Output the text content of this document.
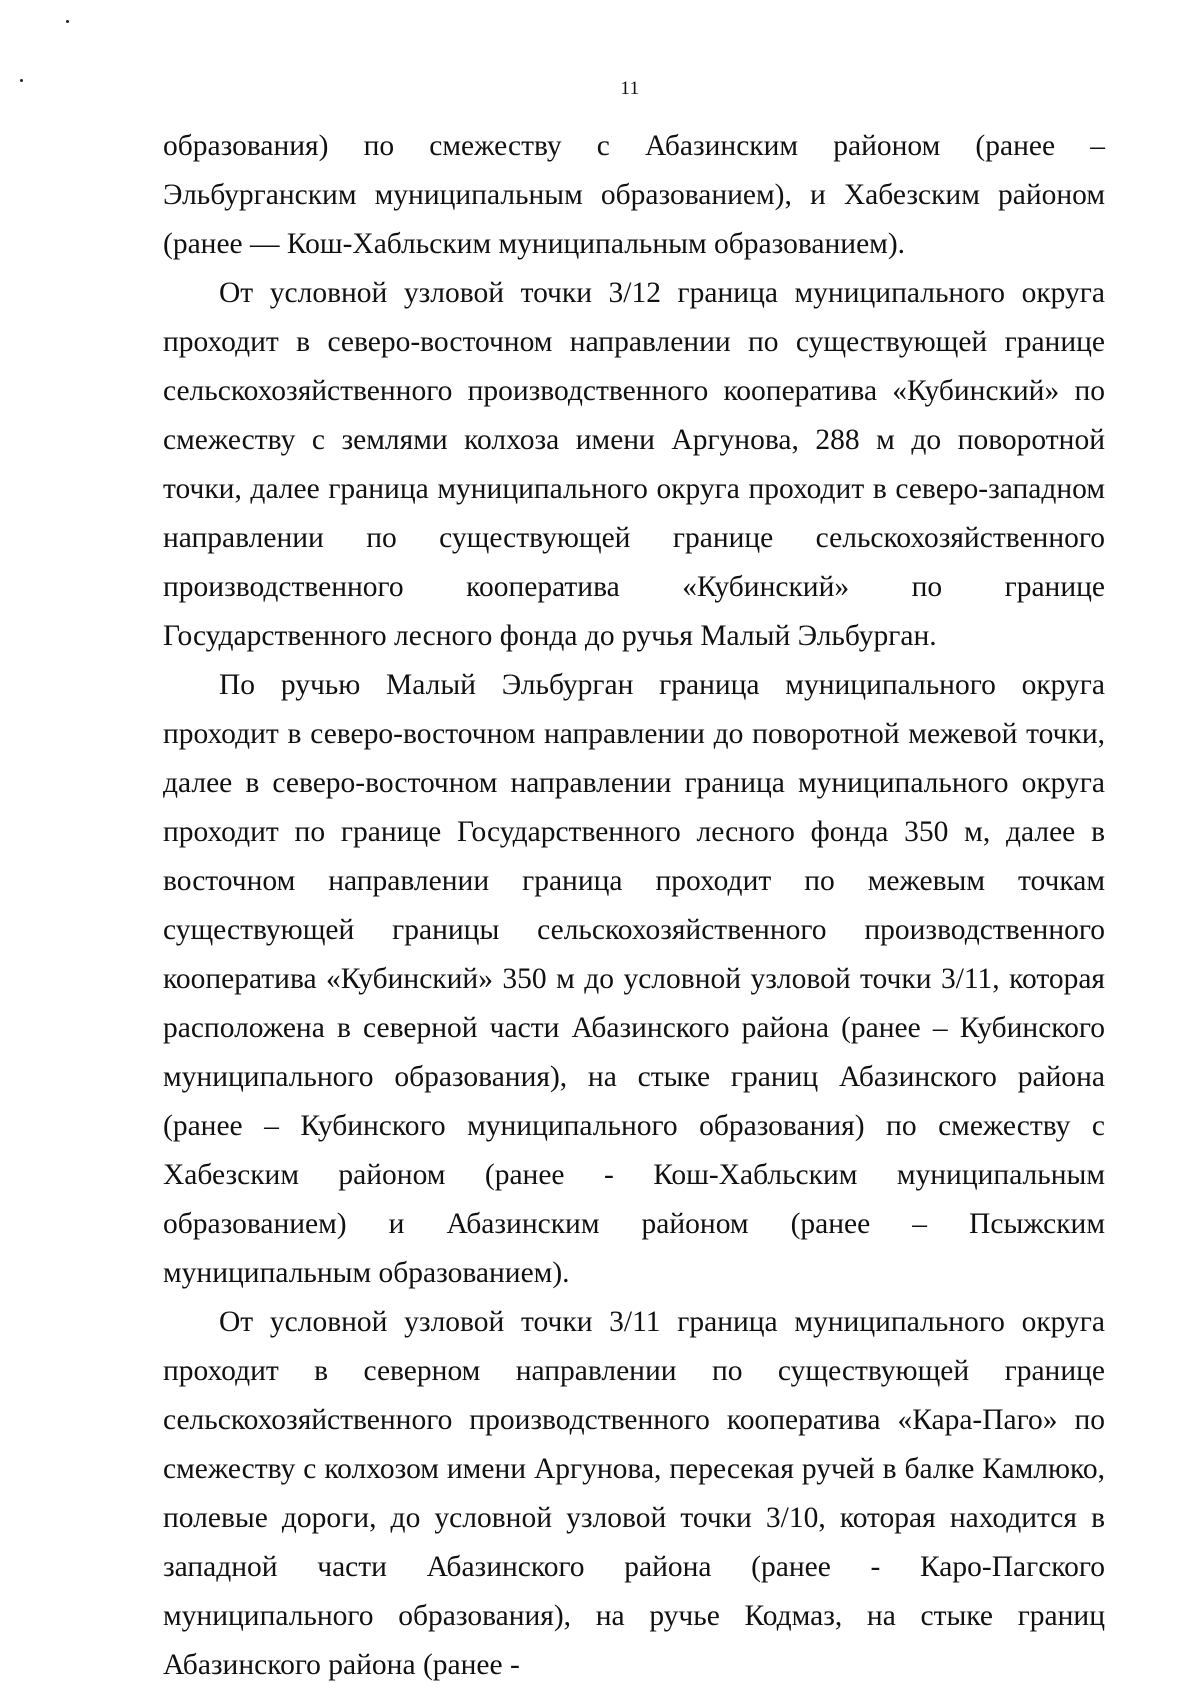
11

образования) по смежеству с Абазинским районом (ранее – Эльбурганским муниципальным образованием), и Хабезским районом (ранее — Кош-Хабльским муниципальным образованием).

От условной узловой точки 3/12 граница муниципального округа проходит в северо-восточном направлении по существующей границе сельскохозяйственного производственного кооператива «Кубинский» по смежеству с землями колхоза имени Аргунова, 288 м до поворотной точки, далее граница муниципального округа проходит в северо-западном направлении по существующей границе сельскохозяйственного производственного кооператива «Кубинский» по границе Государственного лесного фонда до ручья Малый Эльбурган.

По ручью Малый Эльбурган граница муниципального округа проходит в северо-восточном направлении до поворотной межевой точки, далее в северо-восточном направлении граница муниципального округа проходит по границе Государственного лесного фонда 350 м, далее в восточном направлении граница проходит по межевым точкам существующей границы сельскохозяйственного производственного кооператива «Кубинский» 350 м до условной узловой точки 3/11, которая расположена в северной части Абазинского района (ранее – Кубинского муниципального образования), на стыке границ Абазинского района (ранее – Кубинского муниципального образования) по смежеству с Хабезским районом (ранее - Кош-Хабльским муниципальным образованием) и Абазинским районом (ранее – Псыжским муниципальным образованием).

От условной узловой точки 3/11 граница муниципального округа проходит в северном направлении по существующей границе сельскохозяйственного производственного кооператива «Кара-Паго» по смежеству с колхозом имени Аргунова, пересекая ручей в балке Камлюко, полевые дороги, до условной узловой точки 3/10, которая находится в западной части Абазинского района (ранее - Каро-Пагского муниципального образования), на ручье Кодмаз, на стыке границ Абазинского района (ранее -
